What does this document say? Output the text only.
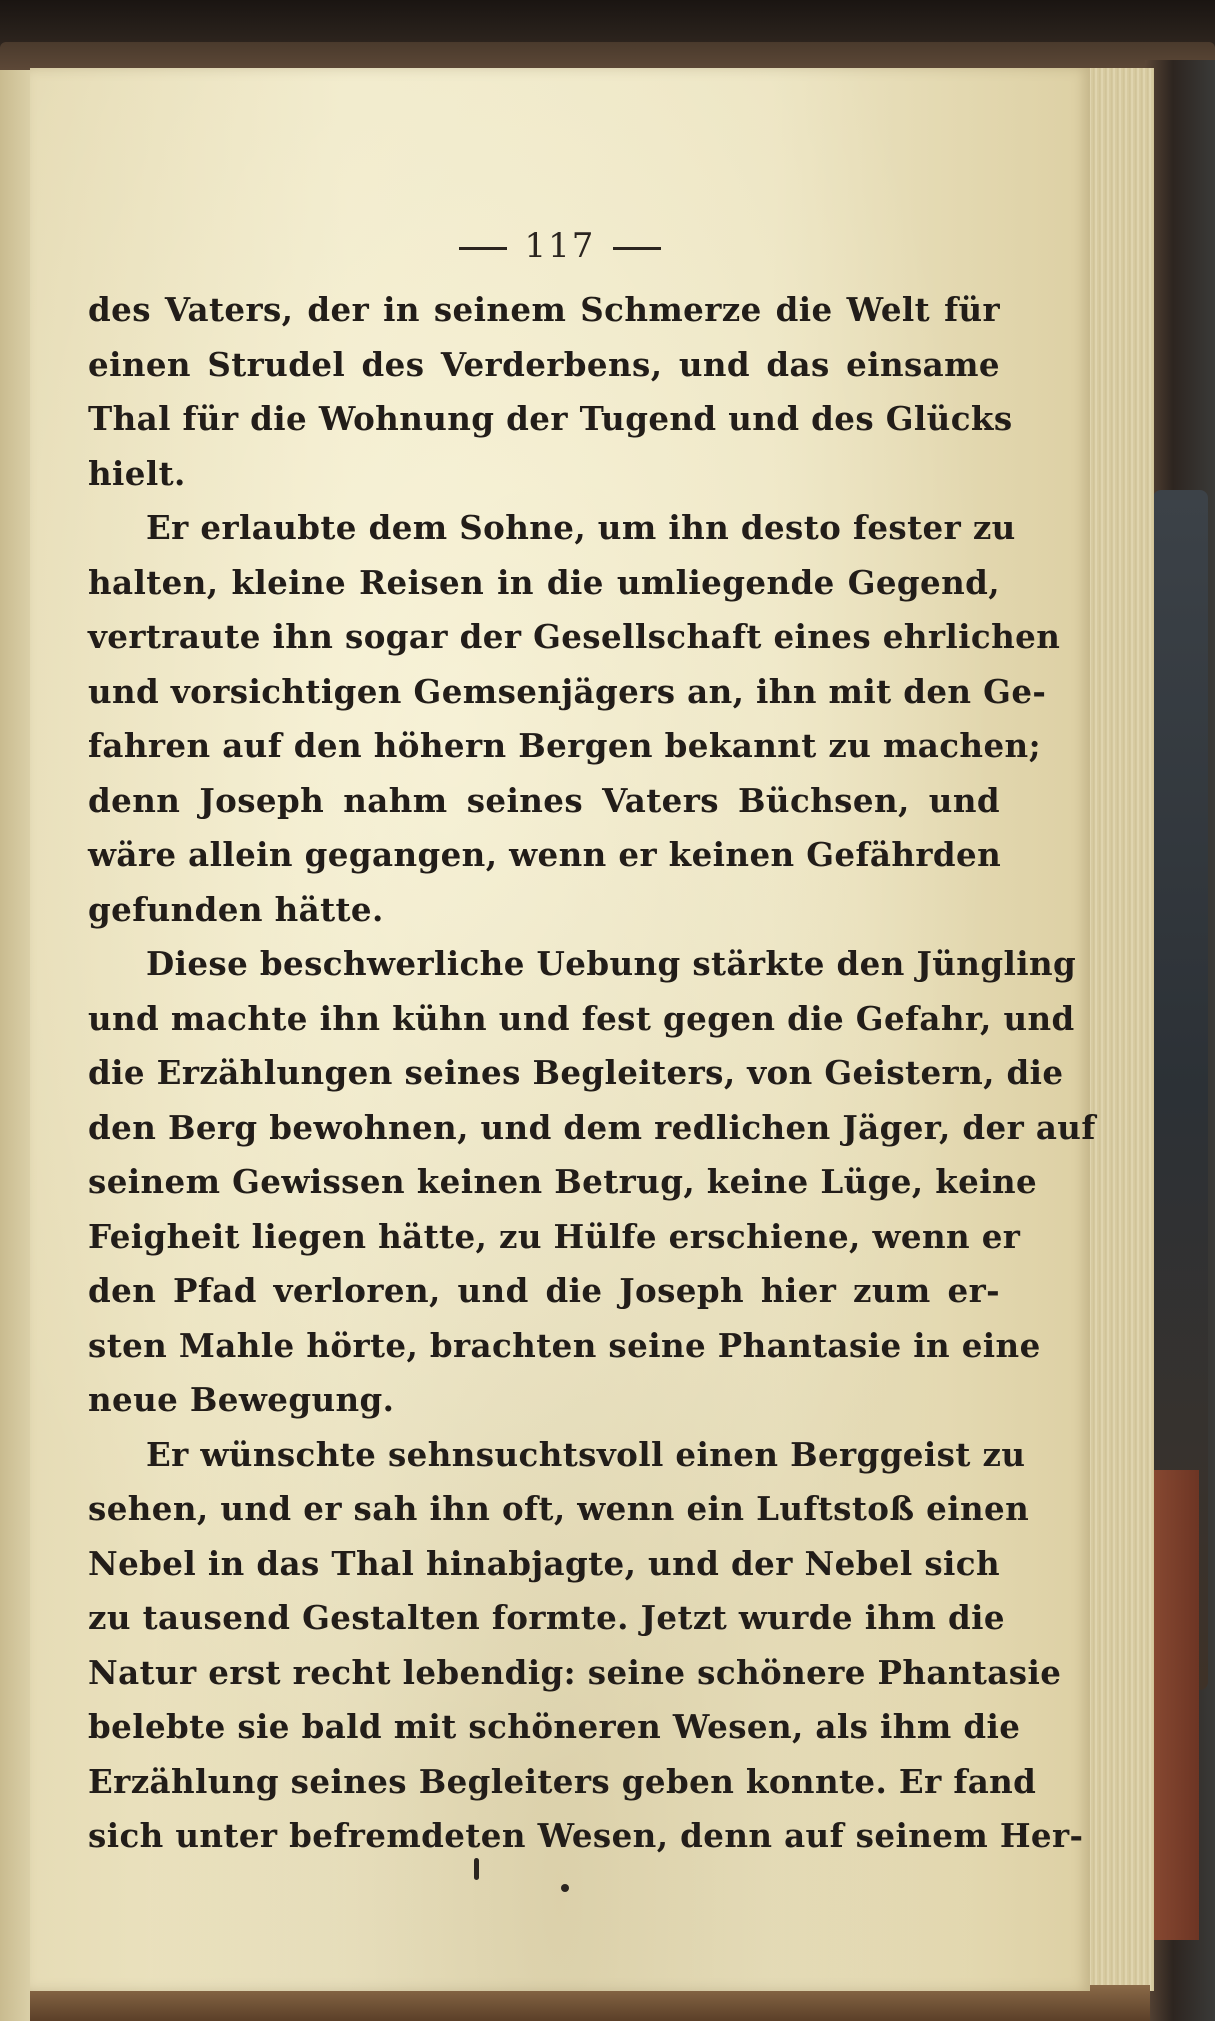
117
des Vaters, der in seinem Schmerze die Welt für
einen Strudel des Verderbens, und das einsame
Thal für die Wohnung der Tugend und des Glücks
hielt.
Er erlaubte dem Sohne, um ihn desto fester zu
halten, kleine Reisen in die umliegende Gegend,
vertraute ihn sogar der Gesellschaft eines ehrlichen
und vorsichtigen Gemsenjägers an, ihn mit den Ge-
fahren auf den höhern Bergen bekannt zu machen;
denn Joseph nahm seines Vaters Büchsen, und
wäre allein gegangen, wenn er keinen Gefährden
gefunden hätte.
Diese beschwerliche Uebung stärkte den Jüngling
und machte ihn kühn und fest gegen die Gefahr, und
die Erzählungen seines Begleiters, von Geistern, die
den Berg bewohnen, und dem redlichen Jäger, der auf
seinem Gewissen keinen Betrug, keine Lüge, keine
Feigheit liegen hätte, zu Hülfe erschiene, wenn er
den Pfad verloren, und die Joseph hier zum er-
sten Mahle hörte, brachten seine Phantasie in eine
neue Bewegung.
Er wünschte sehnsuchtsvoll einen Berggeist zu
sehen, und er sah ihn oft, wenn ein Luftstoß einen
Nebel in das Thal hinabjagte, und der Nebel sich
zu tausend Gestalten formte. Jetzt wurde ihm die
Natur erst recht lebendig: seine schönere Phantasie
belebte sie bald mit schöneren Wesen, als ihm die
Erzählung seines Begleiters geben konnte. Er fand
sich unter befremdeten Wesen, denn auf seinem Her-
